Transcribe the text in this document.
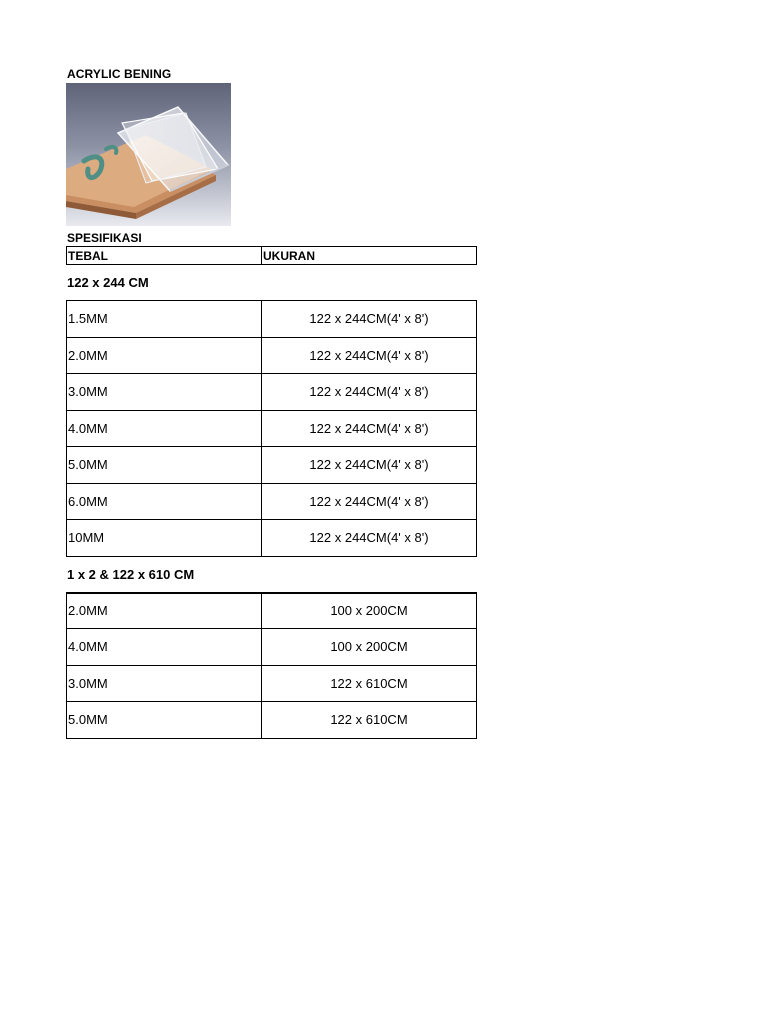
ACRYLIC BENING
SPESIFIKASI
TEBAL	UKURAN
122 x 244 CM
1.5MM	122 x 244CM(4' x 8')
2.0MM	122 x 244CM(4' x 8')
3.0MM	122 x 244CM(4' x 8')
4.0MM	122 x 244CM(4' x 8')
5.0MM	122 x 244CM(4' x 8')
6.0MM	122 x 244CM(4' x 8')
10MM	122 x 244CM(4' x 8')
1 x 2 & 122 x 610 CM
2.0MM	100 x 200CM
4.0MM	100 x 200CM
3.0MM	122 x 610CM
5.0MM	122 x 610CM
